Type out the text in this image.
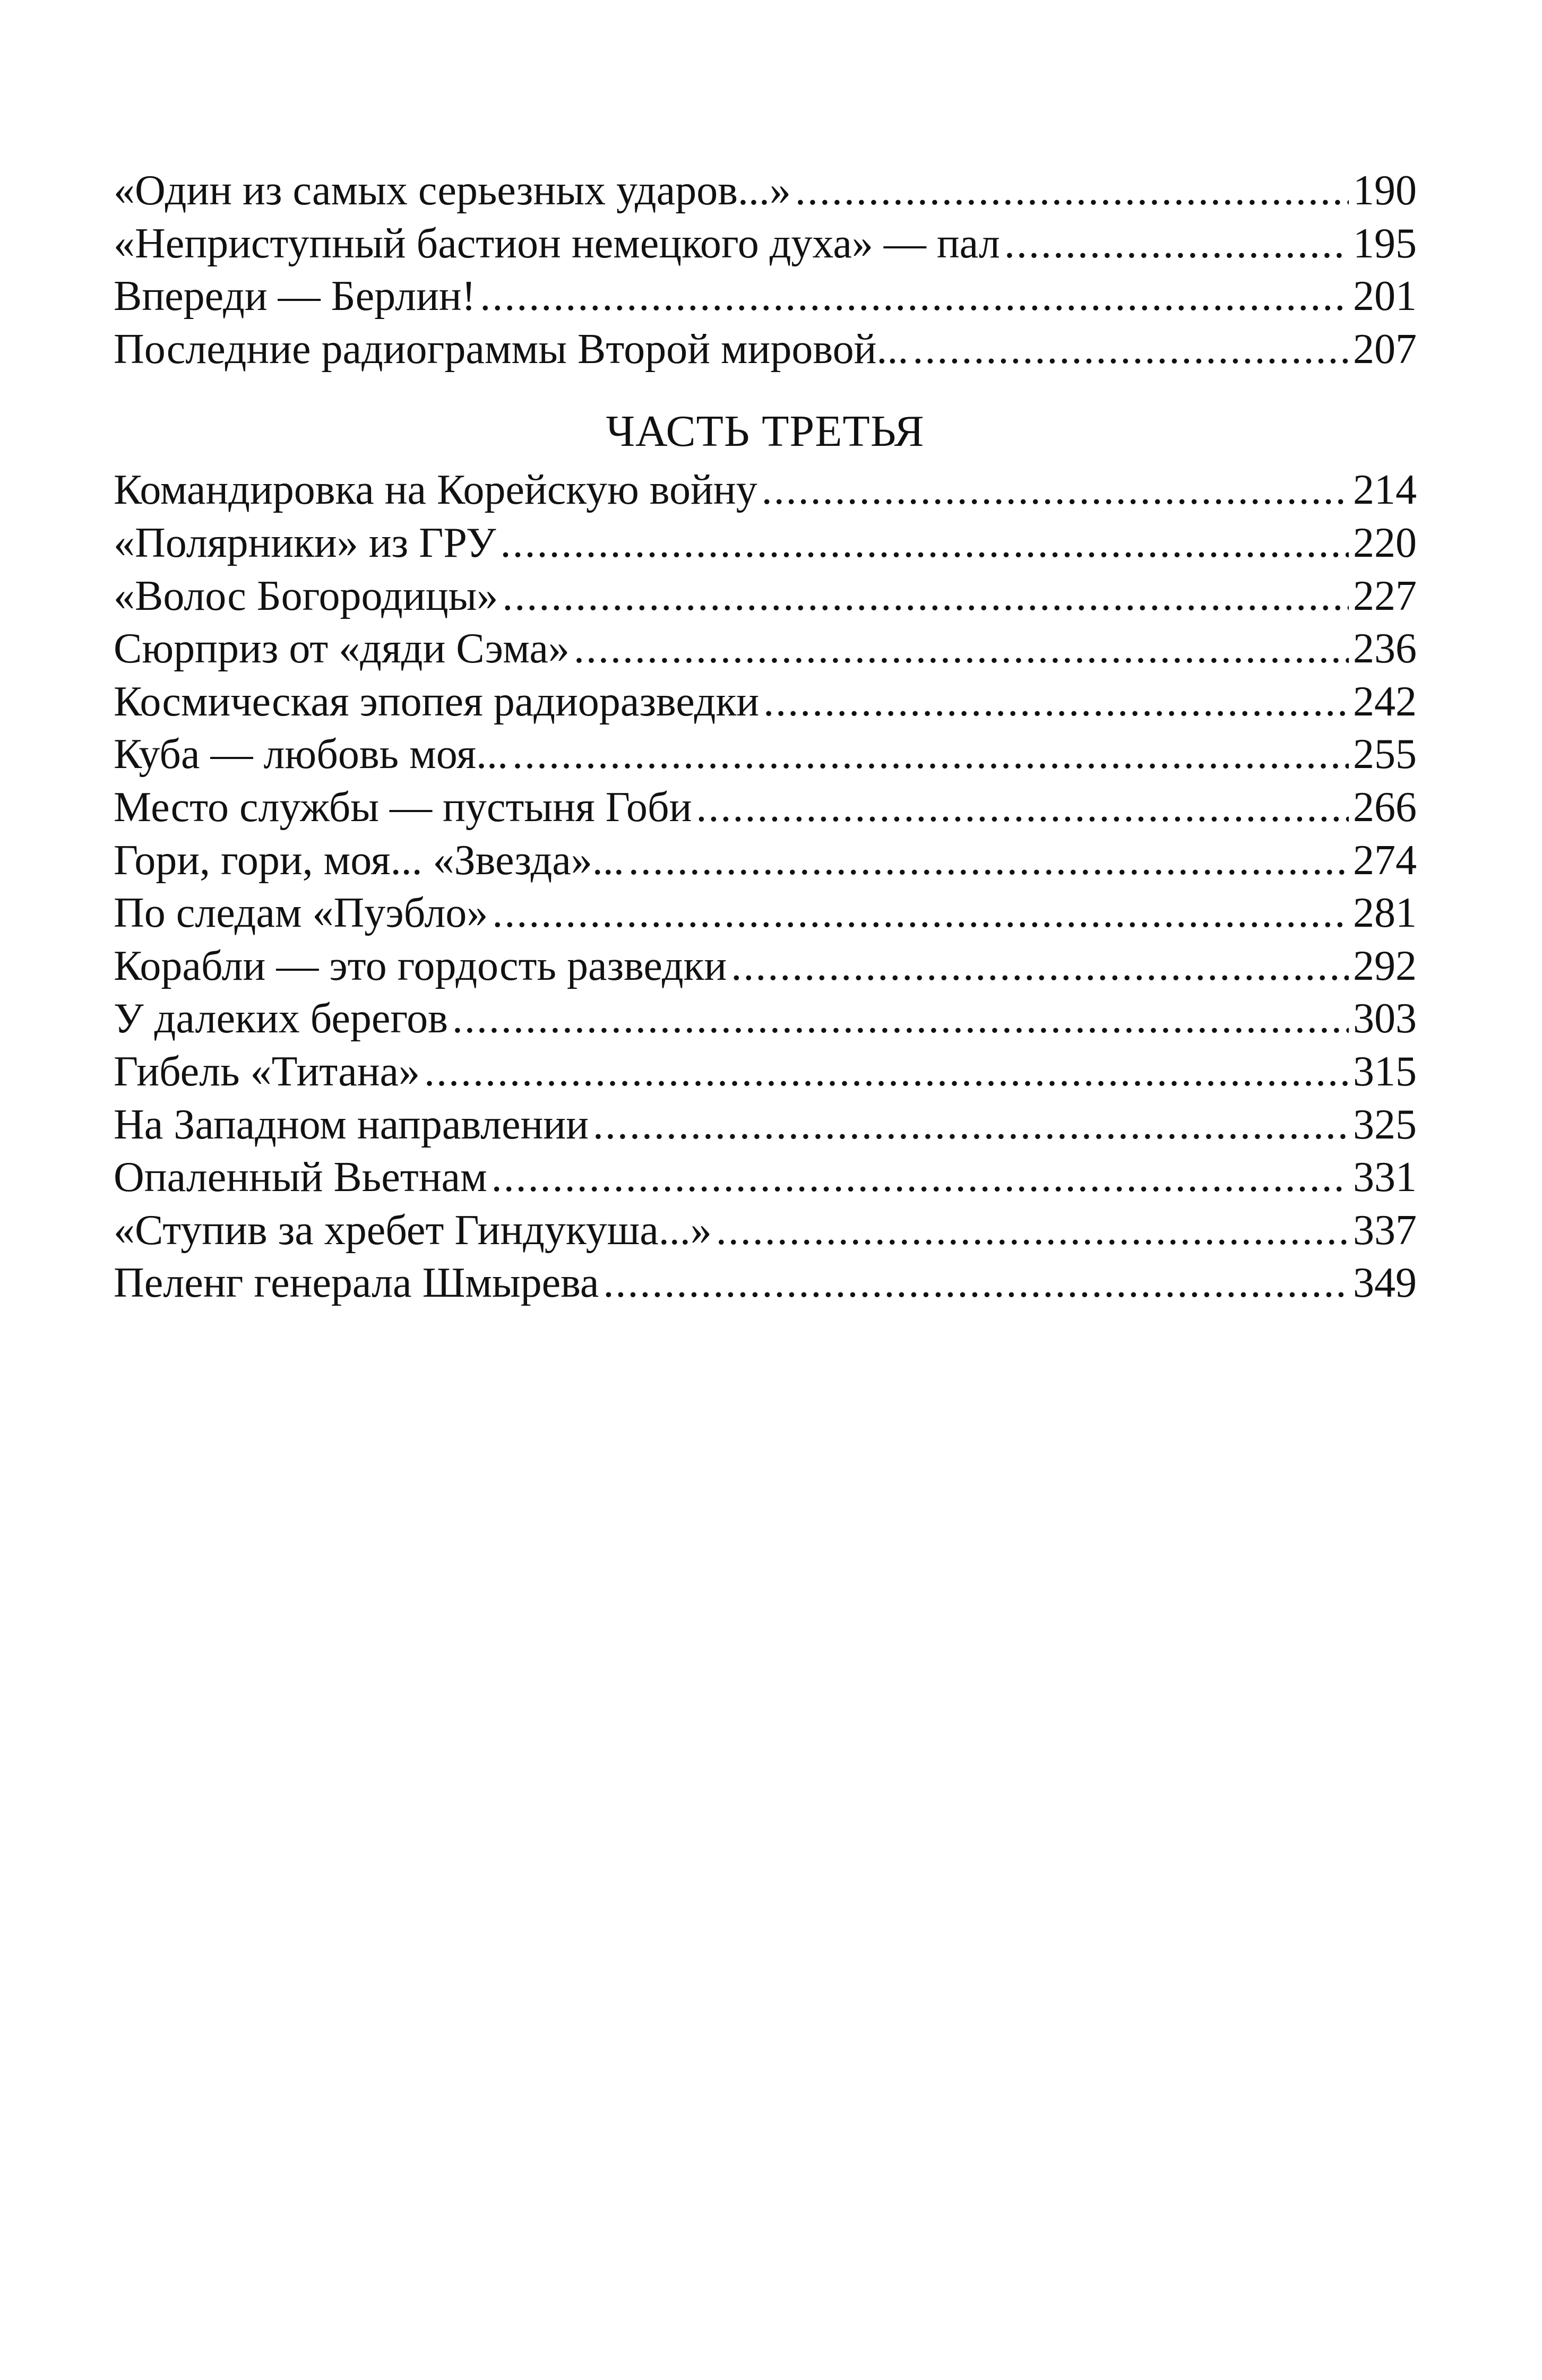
«Один из самых серьезных ударов...» .....	190
«Неприступный бастион немецкого духа» — пал .....	195
Впереди — Берлин! .....	201
Последние радиограммы Второй мировой... .....	207
ЧАСТЬ ТРЕТЬЯ
Командировка на Корейскую войну .....	214
«Полярники» из ГРУ .....	220
«Волос Богородицы» .....	227
Сюрприз от «дяди Сэма» .....	236
Космическая эпопея радиоразведки .....	242
Куба — любовь моя... .....	255
Место службы — пустыня Гоби .....	266
Гори, гори, моя... «Звезда»... .....	274
По следам «Пуэбло» .....	281
Корабли — это гордость разведки .....	292
У далеких берегов .....	303
Гибель «Титана» .....	315
На Западном направлении .....	325
Опаленный Вьетнам .....	331
«Ступив за хребет Гиндукуша...» .....	337
Пеленг генерала Шмырева .....	349
